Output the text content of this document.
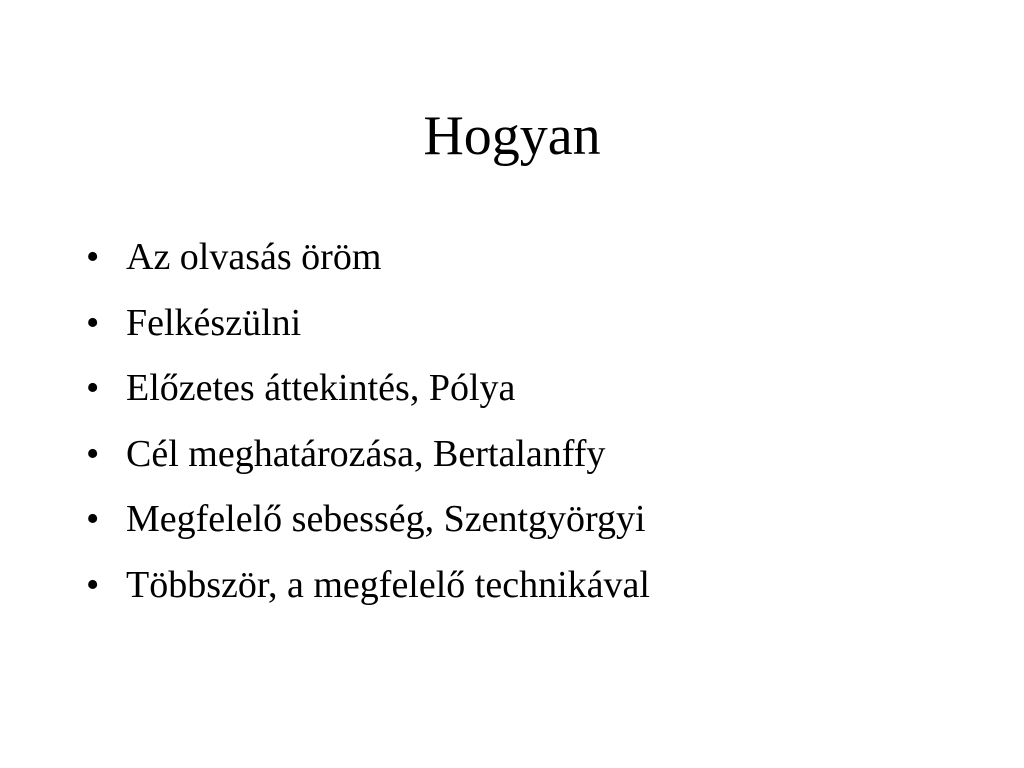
Hogyan
• Az olvasás öröm
• Felkészülni
• Előzetes áttekintés, Pólya
• Cél meghatározása, Bertalanffy
• Megfelelő sebesség, Szentgyörgyi
• Többször, a megfelelő technikával
